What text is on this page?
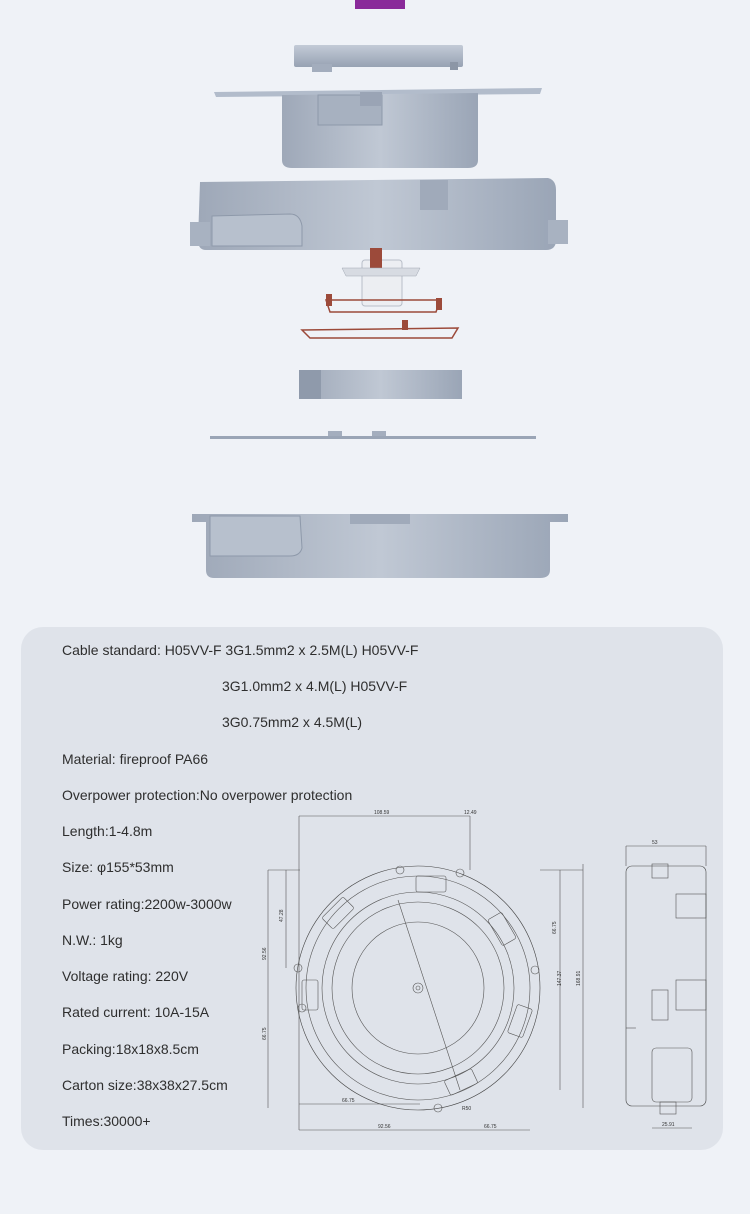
Cable standard: H05VV-F 3G1.5mm2 x 2.5M(L) H05VV-F
3G1.0mm2 x 4.M(L) H05VV-F
3G0.75mm2 x 4.5M(L)
Material: fireproof PA66
Overpower protection:No overpower protection
Length:1-4.8m
Size: φ155*53mm
Power rating:2200w-3000w
N.W.: 1kg
Voltage rating: 220V
Rated current: 10A-15A
Packing:18x18x8.5cm
Carton size:38x38x27.5cm
Times:30000+
108.59	12.49
47.28
92.56
66.75
66.75
147.37	168.91
66.75
92.56	66.75
R50
53
25.91
